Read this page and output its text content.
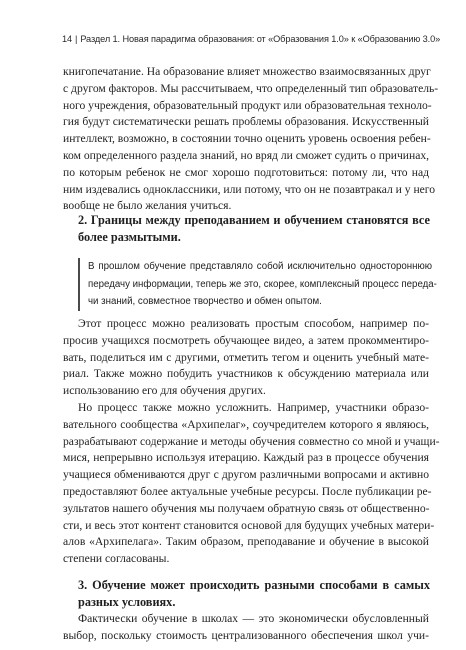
14 | Раздел 1. Новая парадигма образования: от «Образования 1.0» к «Образованию 3.0»
книгопечатание. На образование влияет множество взаимосвязанных друг
с другом факторов. Мы рассчитываем, что определенный тип образователь-
ного учреждения, образовательный продукт или образовательная техноло-
гия будут систематически решать проблемы образования. Искусственный
интеллект, возможно, в состоянии точно оценить уровень освоения ребен-
ком определенного раздела знаний, но вряд ли сможет судить о причинах,
по которым ребенок не смог хорошо подготовиться: потому ли, что над
ним издевались одноклассники, или потому, что он не позавтракал и у него
вообще не было желания учиться.
2. Границы между преподаванием и обучением становятся все
более размытыми.
В прошлом обучение представляло собой исключительно одностороннюю
передачу информации, теперь же это, скорее, комплексный процесс переда-
чи знаний, совместное творчество и обмен опытом.
Этот процесс можно реализовать простым способом, например по-
просив учащихся посмотреть обучающее видео, а затем прокомментиро-
вать, поделиться им с другими, отметить тегом и оценить учебный мате-
риал. Также можно побудить участников к обсуждению материала или
использованию его для обучения других.
Но процесс также можно усложнить. Например, участники образо-
вательного сообщества «Архипелаг», соучредителем которого я являюсь,
разрабатывают содержание и методы обучения совместно со мной и учащи-
мися, непрерывно используя итерацию. Каждый раз в процессе обучения
учащиеся обмениваются друг с другом различными вопросами и активно
предоставляют более актуальные учебные ресурсы. После публикации ре-
зультатов нашего обучения мы получаем обратную связь от общественно-
сти, и весь этот контент становится основой для будущих учебных матери-
алов «Архипелага». Таким образом, преподавание и обучение в высокой
степени согласованы.
3. Обучение может происходить разными способами в самых
разных условиях.
Фактически обучение в школах — это экономически обусловленный
выбор, поскольку стоимость централизованного обеспечения школ учи-
